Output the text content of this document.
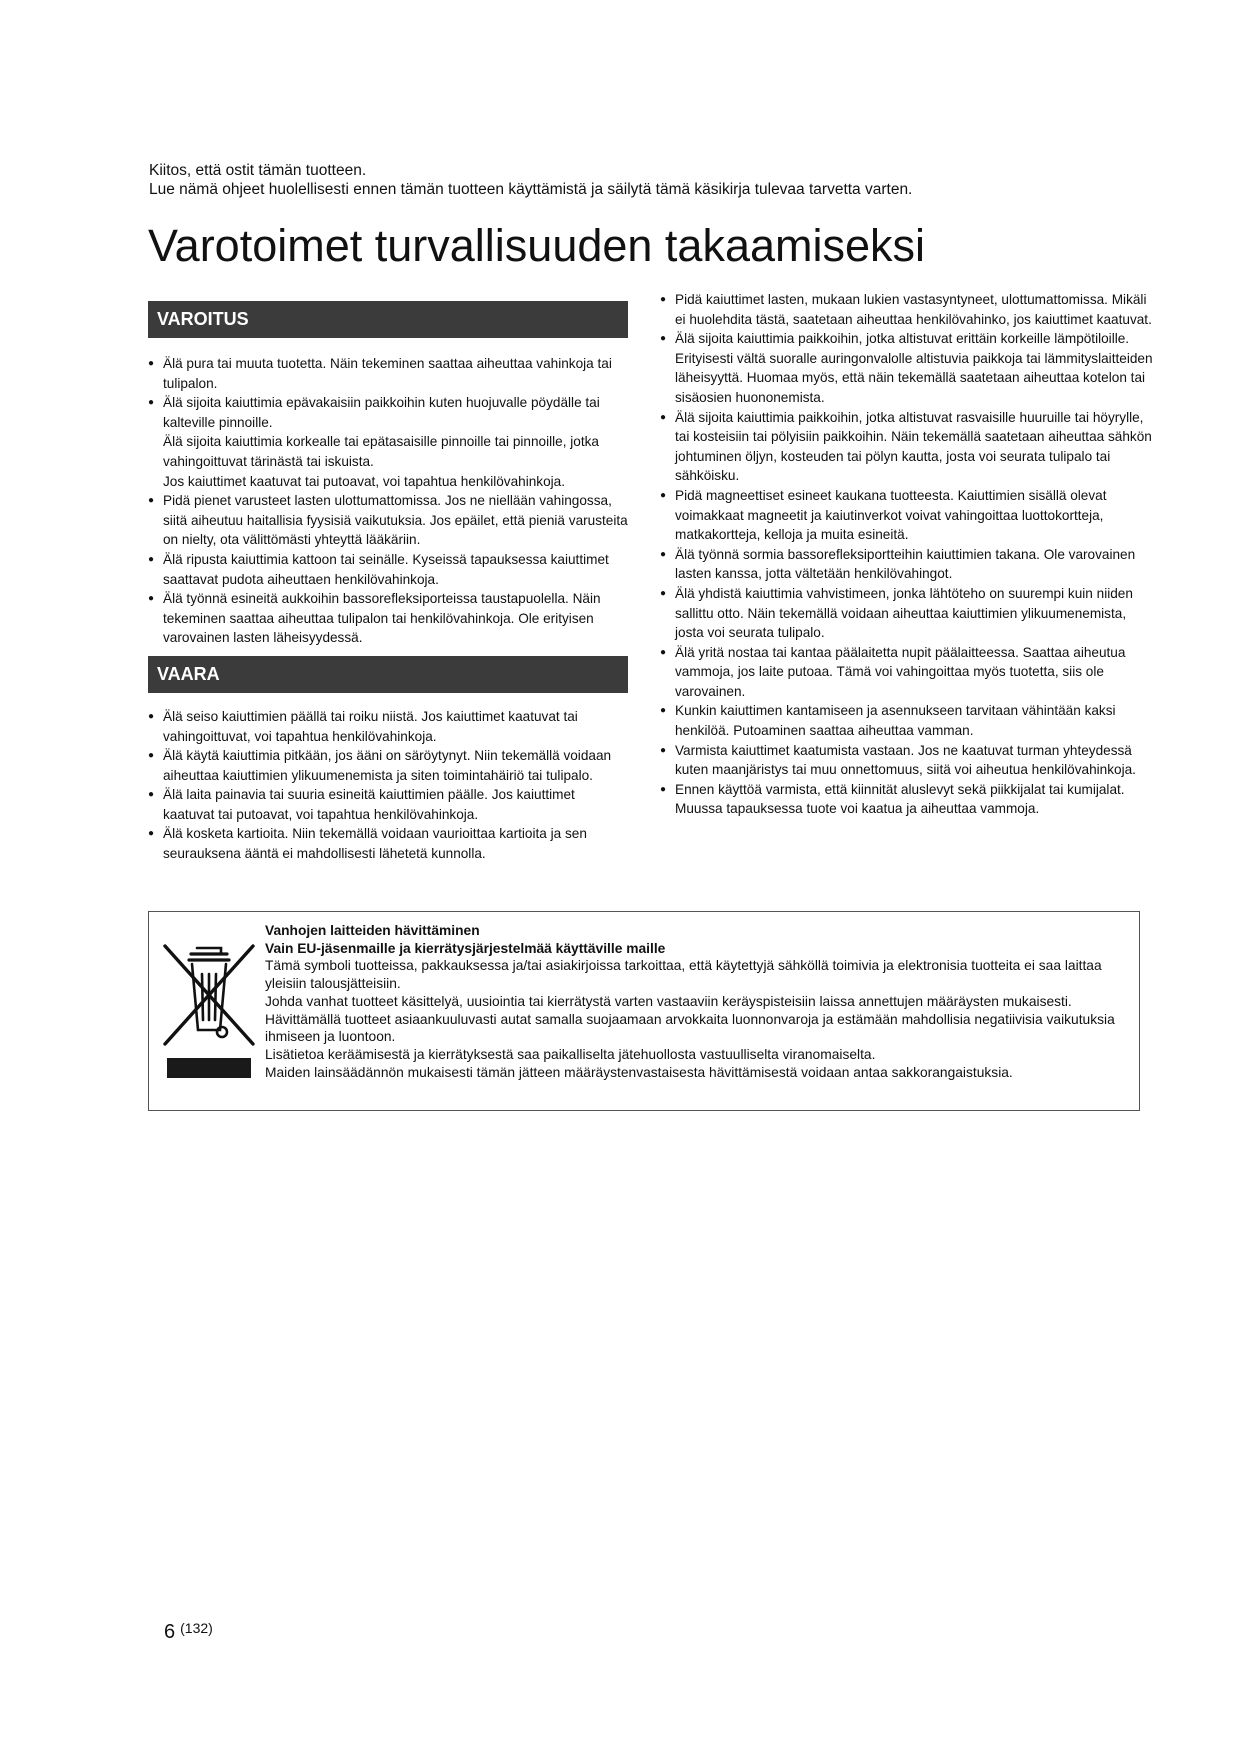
Kiitos, että ostit tämän tuotteen.
Lue nämä ohjeet huolellisesti ennen tämän tuotteen käyttämistä ja säilytä tämä käsikirja tulevaa tarvetta varten.
Varotoimet turvallisuuden takaamiseksi
VAROITUS
● Älä pura tai muuta tuotetta. Näin tekeminen saattaa aiheuttaa vahinkoja tai tulipalon.
● Älä sijoita kaiuttimia epävakaisiin paikkoihin kuten huojuvalle pöydälle tai kalteville pinnoille.
Älä sijoita kaiuttimia korkealle tai epätasaisille pinnoille tai pinnoille, jotka vahingoittuvat tärinästä tai iskuista.
Jos kaiuttimet kaatuvat tai putoavat, voi tapahtua henkilövahinkoja.
● Pidä pienet varusteet lasten ulottumattomissa. Jos ne niellään vahingossa, siitä aiheutuu haitallisia fyysisiä vaikutuksia. Jos epäilet, että pieniä varusteita on nielty, ota välittömästi yhteyttä lääkäriin.
● Älä ripusta kaiuttimia kattoon tai seinälle. Kyseissä tapauksessa kaiuttimet saattavat pudota aiheuttaen henkilövahinkoja.
● Älä työnnä esineitä aukkoihin bassorefleksiporteissa taustapuolella. Näin tekeminen saattaa aiheuttaa tulipalon tai henkilövahinkoja. Ole erityisen varovainen lasten läheisyydessä.
VAARA
● Älä seiso kaiuttimien päällä tai roiku niistä. Jos kaiuttimet kaatuvat tai vahingoittuvat, voi tapahtua henkilövahinkoja.
● Älä käytä kaiuttimia pitkään, jos ääni on säröytynyt. Niin tekemällä voidaan aiheuttaa kaiuttimien ylikuumenemista ja siten toimintahäiriö tai tulipalo.
● Älä laita painavia tai suuria esineitä kaiuttimien päälle. Jos kaiuttimet kaatuvat tai putoavat, voi tapahtua henkilövahinkoja.
● Älä kosketa kartioita. Niin tekemällä voidaan vaurioittaa kartioita ja sen seurauksena ääntä ei mahdollisesti lähetetä kunnolla.
● Pidä kaiuttimet lasten, mukaan lukien vastasyntyneet, ulottumattomissa. Mikäli ei huolehdita tästä, saatetaan aiheuttaa henkilövahinko, jos kaiuttimet kaatuvat.
● Älä sijoita kaiuttimia paikkoihin, jotka altistuvat erittäin korkeille lämpötiloille. Erityisesti vältä suoralle auringonvalolle altistuvia paikkoja tai lämmityslaitteiden läheisyyttä. Huomaa myös, että näin tekemällä saatetaan aiheuttaa kotelon tai sisäosien huononemista.
● Älä sijoita kaiuttimia paikkoihin, jotka altistuvat rasvaisille huuruille tai höyrylle, tai kosteisiin tai pölyisiin paikkoihin. Näin tekemällä saatetaan aiheuttaa sähkön johtuminen öljyn, kosteuden tai pölyn kautta, josta voi seurata tulipalo tai sähköisku.
● Pidä magneettiset esineet kaukana tuotteesta. Kaiuttimien sisällä olevat voimakkaat magneetit ja kaiutinverkot voivat vahingoittaa luottokortteja, matkakortteja, kelloja ja muita esineitä.
● Älä työnnä sormia bassorefleksiportteihin kaiuttimien takana. Ole varovainen lasten kanssa, jotta vältetään henkilövahingot.
● Älä yhdistä kaiuttimia vahvistimeen, jonka lähtöteho on suurempi kuin niiden sallittu otto. Näin tekemällä voidaan aiheuttaa kaiuttimien ylikuumenemista, josta voi seurata tulipalo.
● Älä yritä nostaa tai kantaa päälaitetta nupit päälaitteessa. Saattaa aiheutua vammoja, jos laite putoaa. Tämä voi vahingoittaa myös tuotetta, siis ole varovainen.
● Kunkin kaiuttimen kantamiseen ja asennukseen tarvitaan vähintään kaksi henkilöä. Putoaminen saattaa aiheuttaa vamman.
● Varmista kaiuttimet kaatumista vastaan. Jos ne kaatuvat turman yhteydessä kuten maanjäristys tai muu onnettomuus, siitä voi aiheutua henkilövahinkoja.
● Ennen käyttöä varmista, että kiinnität aluslevyt sekä piikkijalat tai kumijalat. Muussa tapauksessa tuote voi kaatua ja aiheuttaa vammoja.
Vanhojen laitteiden hävittäminen
Vain EU-jäsenmaille ja kierrätysjärjestelmää käyttäville maille
Tämä symboli tuotteissa, pakkauksessa ja/tai asiakirjoissa tarkoittaa, että käytettyjä sähköllä toimivia ja elektronisia tuotteita ei saa laittaa yleisiin talousjätteisiin.
Johda vanhat tuotteet käsittelyä, uusiointia tai kierrätystä varten vastaaviin keräyspisteisiin laissa annettujen määräysten mukaisesti.
Hävittämällä tuotteet asiaankuuluvasti autat samalla suojaamaan arvokkaita luonnonvaroja ja estämään mahdollisia negatiivisia vaikutuksia ihmiseen ja luontoon.
Lisätietoa keräämisestä ja kierrätyksestä saa paikalliselta jätehuollosta vastuulliselta viranomaiselta.
Maiden lainsäädännön mukaisesti tämän jätteen määräystenvastaisesta hävittämisestä voidaan antaa sakkorangaistuksia.
6 $^{(132)}$
